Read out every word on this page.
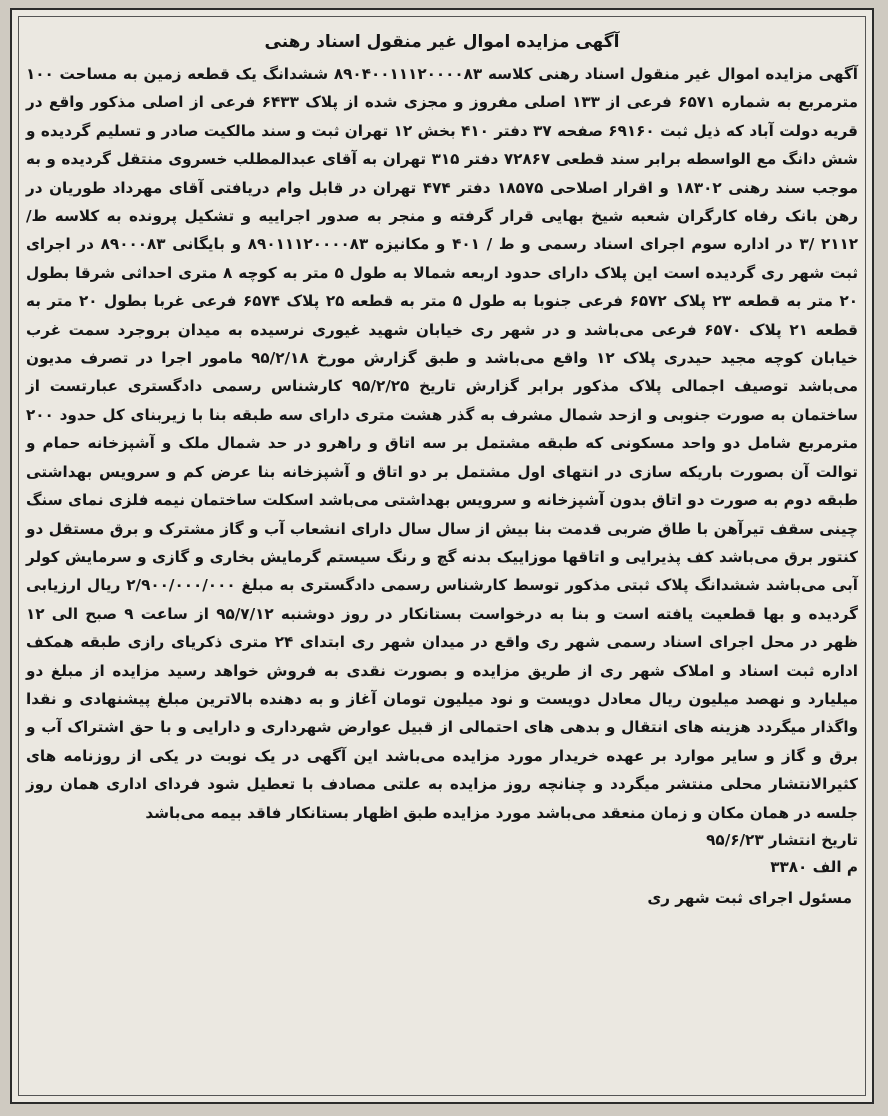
آگهی مزایده اموال غیر منقول اسناد رهنی

آگهی مزایده اموال غیر منقول اسناد رهنی کلاسه ۸۹۰۴۰۰۱۱۱۲۰۰۰۰۸۳ ششدانگ یک قطعه زمین به مساحت ۱۰۰ مترمربع به شماره ۶۵۷۱ فرعی از ۱۳۳ اصلی مفروز و مجزی شده از پلاک ۶۴۳۳ فرعی از اصلی مذکور واقع در قریه دولت آباد که ذیل ثبت ۶۹۱۶۰ صفحه ۳۷ دفتر ۴۱۰ بخش ۱۲ تهران ثبت و سند مالکیت صادر و تسلیم گردیده و شش دانگ مع الواسطه برابر سند قطعی ۷۲۸۶۷ دفتر ۳۱۵ تهران به آقای عبدالمطلب خسروی منتقل گردیده و به موجب سند رهنی ۱۸۳۰۲ و اقرار اصلاحی ۱۸۵۷۵ دفتر ۴۷۴ تهران در قابل وام دریافتی آقای مهرداد طوریان در رهن بانک رفاه کارگران شعبه شیخ بهایی قرار گرفته و منجر به صدور اجراییه و تشکیل پرونده به کلاسه ط/ ۲۱۱۲ /۳ در اداره سوم اجرای اسناد رسمی و ط / ۴۰۱ و مکانیزه ۸۹۰۱۱۱۲۰۰۰۰۸۳ و بایگانی ۸۹۰۰۰۸۳ در اجرای ثبت شهر ری گردیده است این پلاک دارای حدود اربعه شمالا به طول ۵ متر به کوچه ۸ متری احداثی شرقا بطول ۲۰ متر به قطعه ۲۳ پلاک ۶۵۷۲ فرعی جنوبا به طول ۵ متر به قطعه ۲۵ پلاک ۶۵۷۴ فرعی غربا بطول ۲۰ متر به قطعه ۲۱ پلاک ۶۵۷۰ فرعی می‌باشد و در شهر ری خیابان شهید غیوری نرسیده به میدان بروجرد سمت غرب خیابان کوچه مجید حیدری پلاک ۱۲ واقع می‌باشد و طبق گزارش مورخ ۹۵/۲/۱۸ مامور اجرا در تصرف مدیون می‌باشد توصیف اجمالی پلاک مذکور برابر گزارش تاریخ ۹۵/۲/۲۵ کارشناس رسمی دادگستری عبارتست از ساختمان به صورت جنوبی و ازحد شمال مشرف به گذر هشت متری دارای سه طبقه بنا با زیربنای کل حدود ۲۰۰ مترمربع شامل دو واحد مسکونی که طبقه مشتمل بر سه اتاق و راهرو در حد شمال ملک و آشپزخانه حمام و توالت آن بصورت باریکه سازی در انتهای اول مشتمل بر دو اتاق و آشپزخانه بنا عرض کم و سرویس بهداشتی طبقه دوم به صورت دو اتاق بدون آشپزخانه و سرویس بهداشتی می‌باشد اسکلت ساختمان نیمه فلزی نمای سنگ چینی سقف تیرآهن با طاق ضربی قدمت بنا بیش از سال سال دارای انشعاب آب و گاز مشترک و برق مستقل دو کنتور برق می‌باشد کف پذیرایی و اتاقها موزاییک بدنه گچ و رنگ سیستم گرمایش بخاری و گازی و سرمایش کولر آبی می‌باشد ششدانگ پلاک ثبتی مذکور توسط کارشناس رسمی دادگستری به مبلغ ۲/۹۰۰/۰۰۰/۰۰۰ ریال ارزیابی گردیده و بها قطعیت یافته است و بنا به درخواست بستانکار در روز دوشنبه ۹۵/۷/۱۲ از ساعت ۹ صبح الی ۱۲ ظهر در محل اجرای اسناد رسمی شهر ری واقع در میدان شهر ری ابتدای ۲۴ متری ذکریای رازی طبقه همکف اداره ثبت اسناد و املاک شهر ری از طریق مزایده و بصورت نقدی به فروش خواهد رسید مزایده از مبلغ دو میلیارد و نهصد میلیون ریال معادل دویست و نود میلیون تومان آغاز و به دهنده بالاترین مبلغ پیشنهادی و نقدا واگذار میگردد هزینه های انتقال و بدهی های احتمالی از قبیل عوارض شهرداری و دارایی و با حق اشتراک آب و برق و گاز و سایر موارد بر عهده خریدار مورد مزایده می‌باشد این آگهی در یک نوبت در یکی از روزنامه های کثیرالانتشار محلی منتشر میگردد و چنانچه روز مزایده به علتی مصادف با تعطیل شود فردای اداری همان روز جلسه در همان مکان و زمان منعقد می‌باشد مورد مزایده طبق اظهار بستانکار فاقد بیمه می‌باشد

تاریخ انتشار ۹۵/۶/۲۳

م الف ۳۳۸۰

مسئول اجرای ثبت شهر ری
